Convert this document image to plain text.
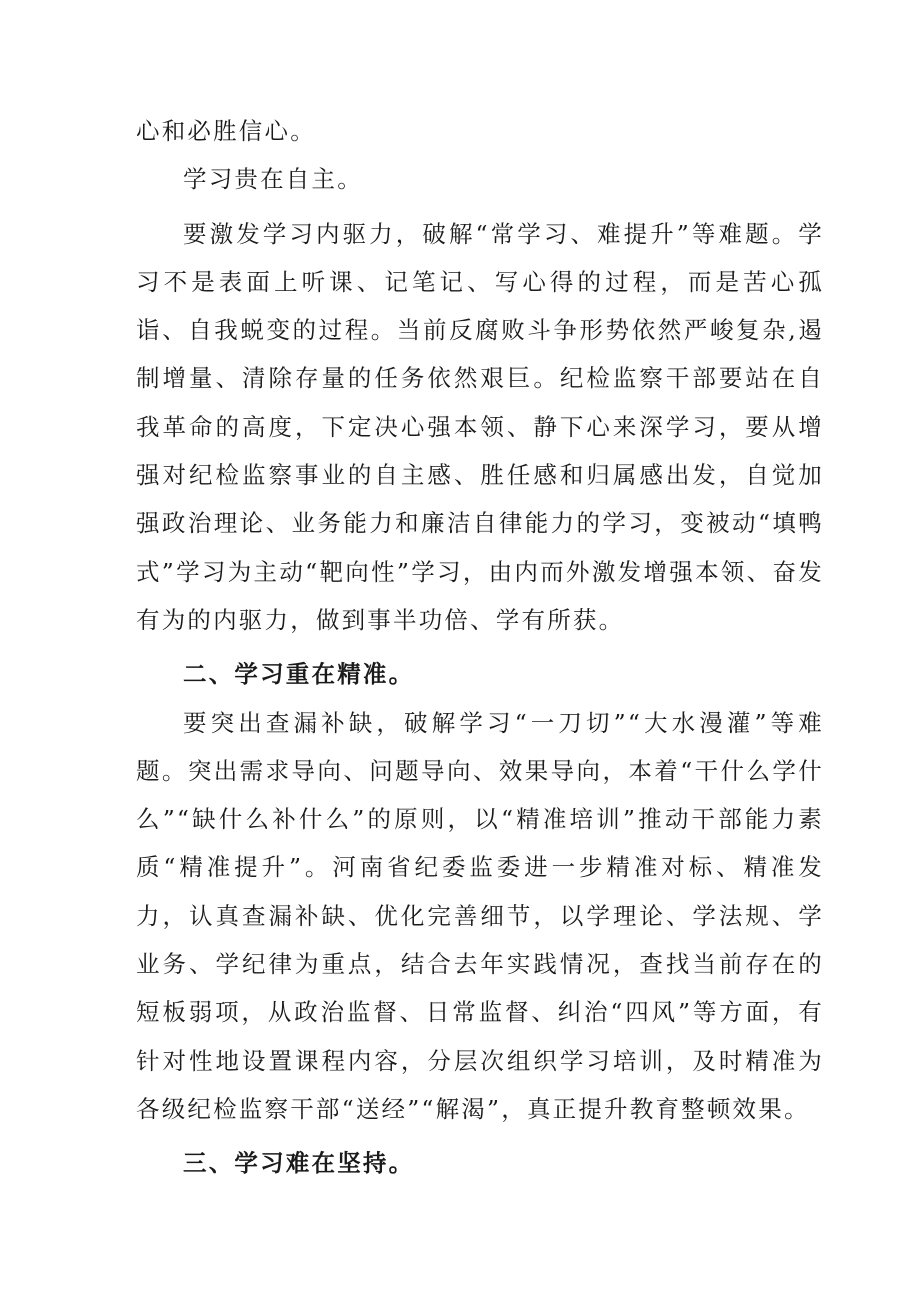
心和必胜信心。

学习贵在自主。

要激发学习内驱力，破解“常学习、难提升”等难题。学习不是表面上听课、记笔记、写心得的过程，而是苦心孤诣、自我蜕变的过程。当前反腐败斗争形势依然严峻复杂,遏制增量、清除存量的任务依然艰巨。纪检监察干部要站在自我革命的高度，下定决心强本领、静下心来深学习，要从增强对纪检监察事业的自主感、胜任感和归属感出发，自觉加强政治理论、业务能力和廉洁自律能力的学习，变被动“填鸭式”学习为主动“靶向性”学习，由内而外激发增强本领、奋发有为的内驱力，做到事半功倍、学有所获。

二、学习重在精准。

要突出查漏补缺，破解学习“一刀切”“大水漫灌”等难题。突出需求导向、问题导向、效果导向，本着“干什么学什么”“缺什么补什么”的原则，以“精准培训”推动干部能力素质“精准提升”。河南省纪委监委进一步精准对标、精准发力，认真查漏补缺、优化完善细节，以学理论、学法规、学业务、学纪律为重点，结合去年实践情况，查找当前存在的短板弱项，从政治监督、日常监督、纠治“四风”等方面，有针对性地设置课程内容，分层次组织学习培训，及时精准为各级纪检监察干部“送经”“解渴”，真正提升教育整顿效果。

三、学习难在坚持。
